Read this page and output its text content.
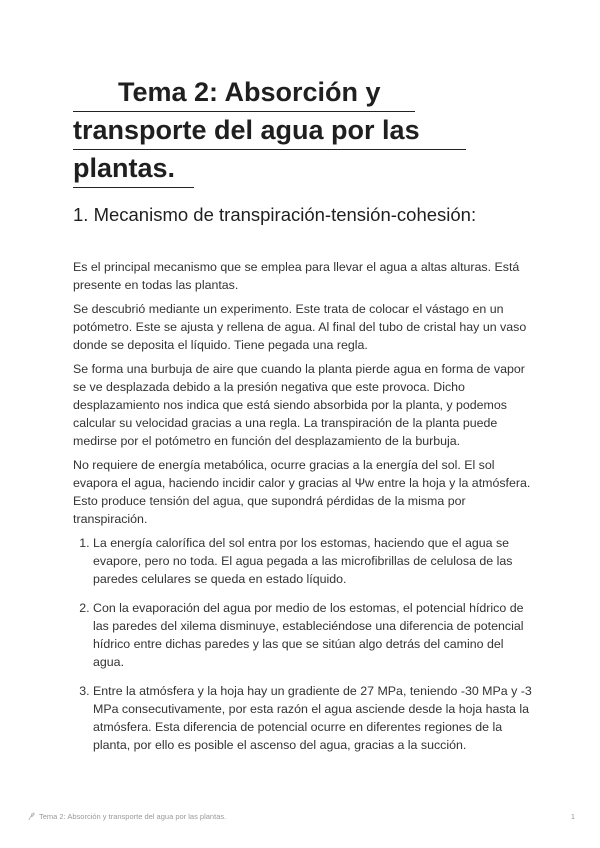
Tema 2: Absorción y
transporte del agua por las
plantas.
1. Mecanismo de transpiración-tensión-cohesión:

Es el principal mecanismo que se emplea para llevar el agua a altas alturas. Está presente en todas las plantas.

Se descubrió mediante un experimento. Este trata de colocar el vástago en un potómetro. Este se ajusta y rellena de agua. Al final del tubo de cristal hay un vaso donde se deposita el líquido. Tiene pegada una regla.

Se forma una burbuja de aire que cuando la planta pierde agua en forma de vapor se ve desplazada debido a la presión negativa que este provoca. Dicho desplazamiento nos indica que está siendo absorbida por la planta, y podemos calcular su velocidad gracias a una regla. La transpiración de la planta puede medirse por el potómetro en función del desplazamiento de la burbuja.

No requiere de energía metabólica, ocurre gracias a la energía del sol. El sol evapora el agua, haciendo incidir calor y gracias al Ψw entre la hoja y la atmósfera. Esto produce tensión del agua, que supondrá pérdidas de la misma por transpiración.

1. La energía calorífica del sol entra por los estomas, haciendo que el agua se evapore, pero no toda. El agua pegada a las microfibrillas de celulosa de las paredes celulares se queda en estado líquido.
2. Con la evaporación del agua por medio de los estomas, el potencial hídrico de las paredes del xilema disminuye, estableciéndose una diferencia de potencial hídrico entre dichas paredes y las que se sitúan algo detrás del camino del agua.
3. Entre la atmósfera y la hoja hay un gradiente de 27 MPa, teniendo -30 MPa y -3 MPa consecutivamente, por esta razón el agua asciende desde la hoja hasta la atmósfera. Esta diferencia de potencial ocurre en diferentes regiones de la planta, por ello es posible el ascenso del agua, gracias a la succión.
Tema 2: Absorción y transporte del agua por las plantas.	1
